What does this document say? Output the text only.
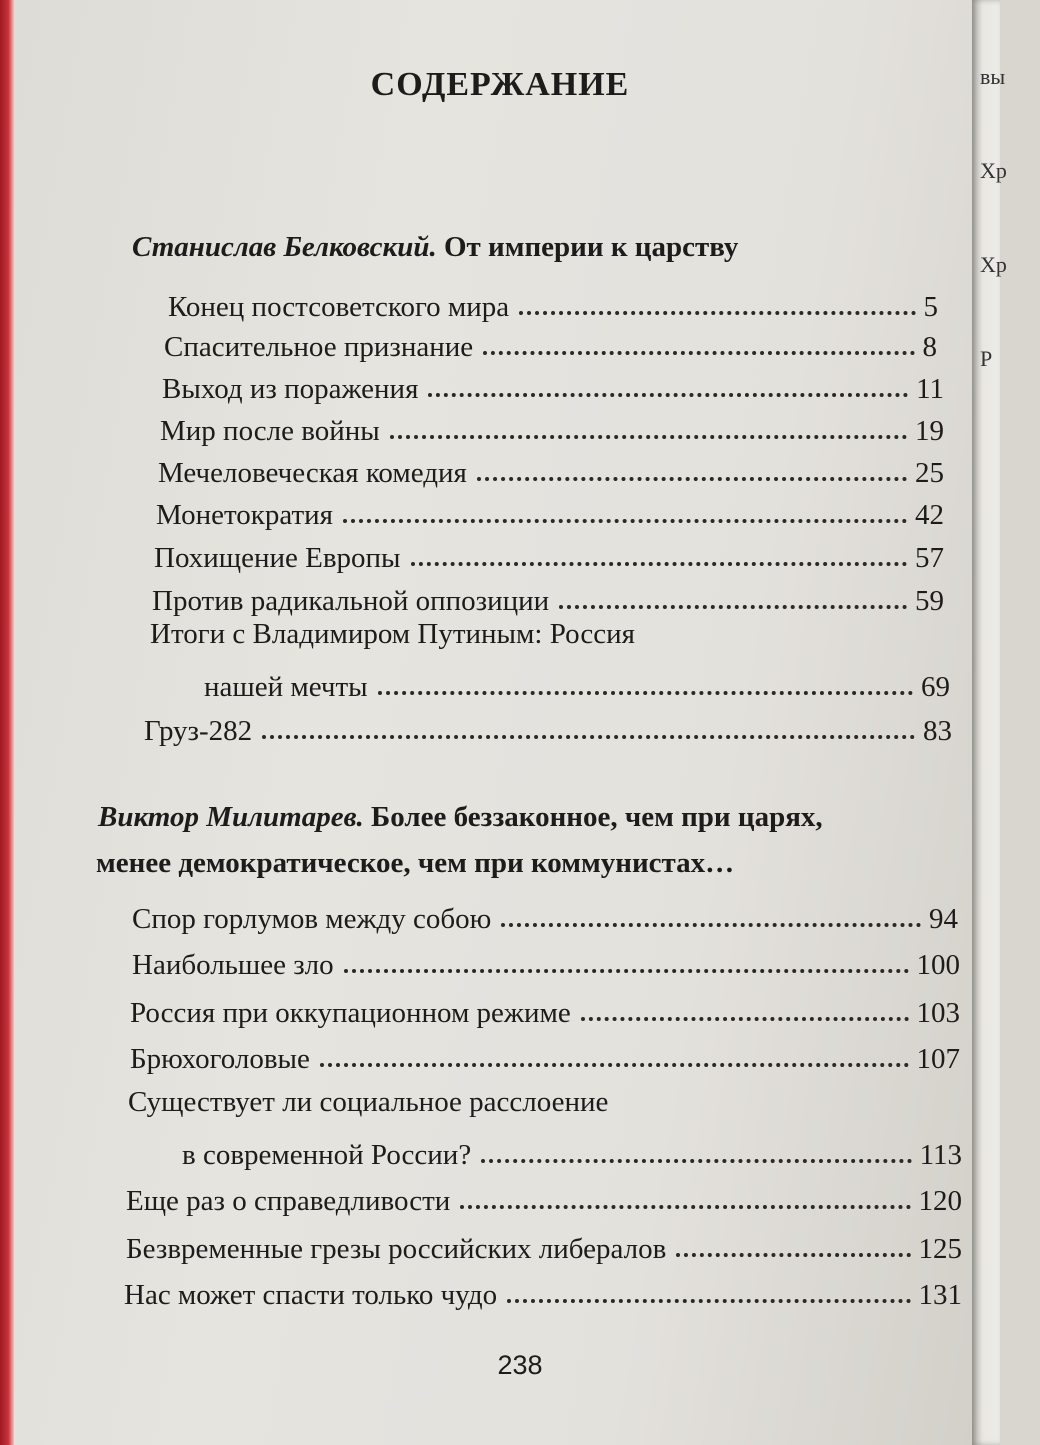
вы
Хр
Хр
Р
СОДЕРЖАНИЕ
Станислав Белковский. От империи к царству
Конец постсоветского мира	5
Спасительное признание	8
Выход из поражения	11
Мир после войны	19
Мечеловеческая комедия	25
Монетократия	42
Похищение Европы	57
Против радикальной оппозиции	59
Итоги с Владимиром Путиным: Россия
нашей мечты	69
Груз-282	83
Виктор Милитарев. Более беззаконное, чем при царях,
менее демократическое, чем при коммунистах…
Спор горлумов между собою	94
Наибольшее зло	100
Россия при оккупационном режиме	103
Брюхоголовые	107
Существует ли социальное расслоение
в современной России?	113
Еще раз о справедливости	120
Безвременные грезы российских либералов	125
Нас может спасти только чудо	131
238
